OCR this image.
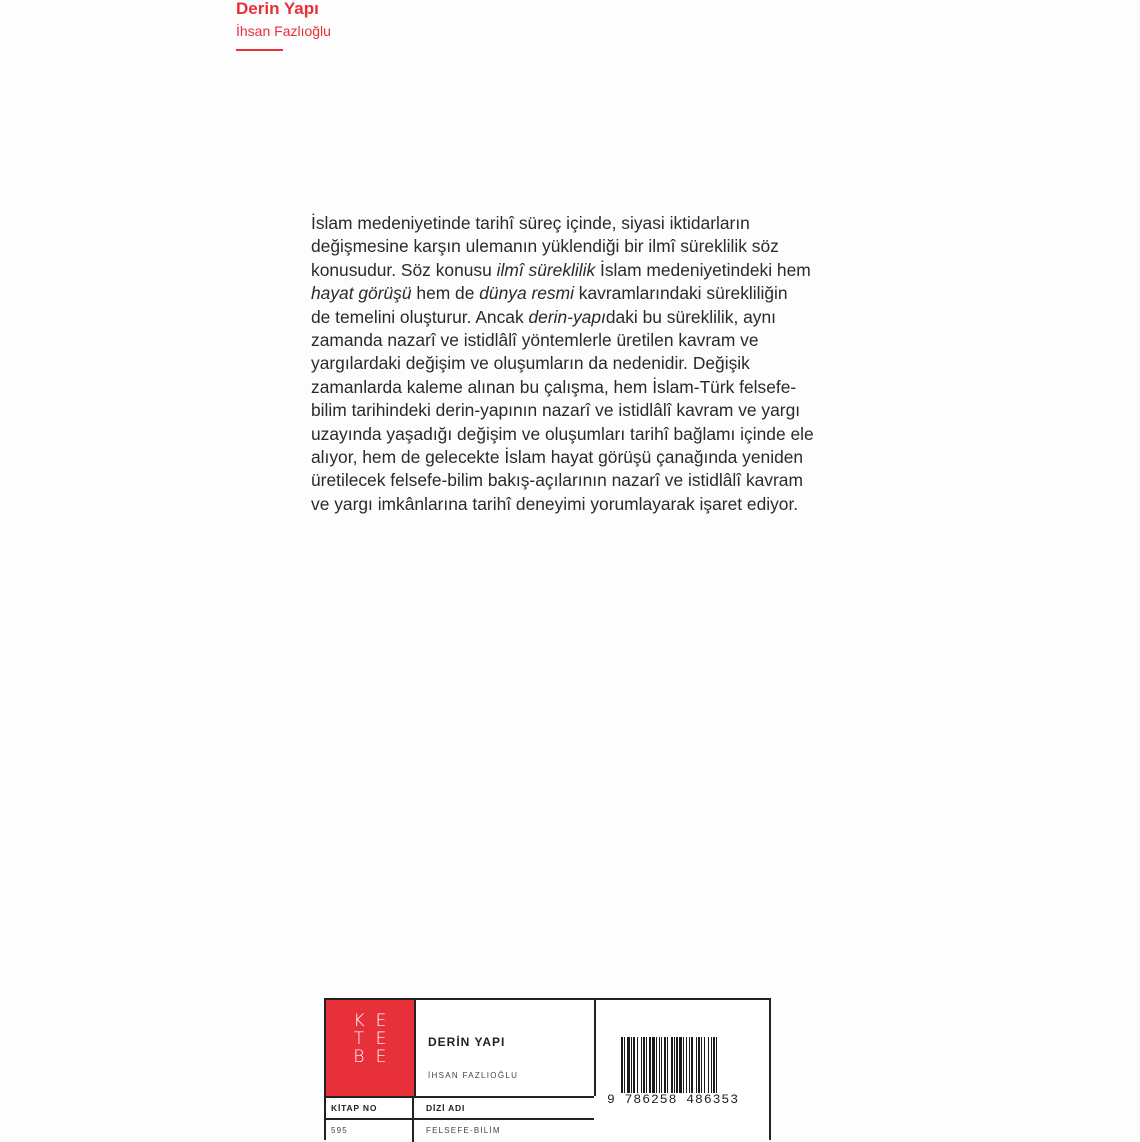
Derin Yapı
İhsan Fazlıoğlu
İslam medeniyetinde tarihî süreç içinde, siyasi iktidarların
değişmesine karşın ulemanın yüklendiği bir ilmî süreklilik söz
konusudur. Söz konusu ilmî süreklilik İslam medeniyetindeki hem
hayat görüşü hem de dünya resmi kavramlarındaki sürekliliğin
de temelini oluşturur. Ancak derin-yapıdaki bu süreklilik, aynı
zamanda nazarî ve istidlâlî yöntemlerle üretilen kavram ve
yargılardaki değişim ve oluşumların da nedenidir. Değişik
zamanlarda kaleme alınan bu çalışma, hem İslam-Türk felsefe-
bilim tarihindeki derin-yapının nazarî ve istidlâlî kavram ve yargı
uzayında yaşadığı değişim ve oluşumları tarihî bağlamı içinde ele
alıyor, hem de gelecekte İslam hayat görüşü çanağında yeniden
üretilecek felsefe-bilim bakış-açılarının nazarî ve istidlâlî kavram
ve yargı imkânlarına tarihî deneyimi yorumlayarak işaret ediyor.
K E
T E
B E
DERİN YAPI
İHSAN FAZLIOĞLU
KİTAP NO	DİZİ ADI
595	FELSEFE-BİLİM
9 786258 486353
